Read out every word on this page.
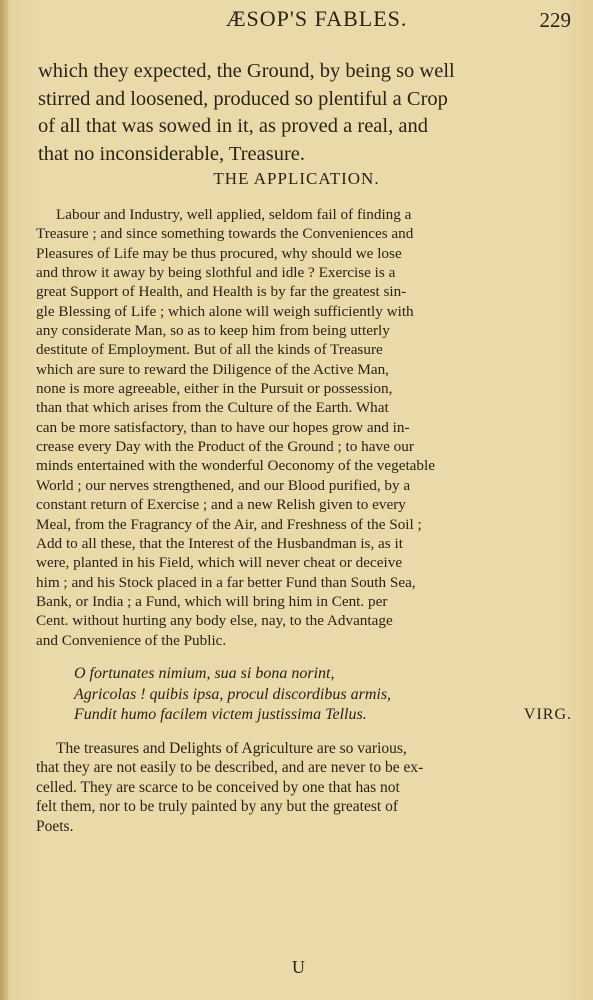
ÆSOP'S FABLES.	229
which they expected, the Ground, by being so well
stirred and loosened, produced so plentiful a Crop
of all that was sowed in it, as proved a real, and
that no inconsiderable, Treasure.
THE APPLICATION.
Labour and Industry, well applied, seldom fail of finding a
Treasure ; and since something towards the Conveniences and
Pleasures of Life may be thus procured, why should we lose
and throw it away by being slothful and idle ? Exercise is a
great Support of Health, and Health is by far the greatest sin-
gle Blessing of Life ; which alone will weigh sufficiently with
any considerate Man, so as to keep him from being utterly
destitute of Employment. But of all the kinds of Treasure
which are sure to reward the Diligence of the Active Man,
none is more agreeable, either in the Pursuit or possession,
than that which arises from the Culture of the Earth. What
can be more satisfactory, than to have our hopes grow and in-
crease every Day with the Product of the Ground ; to have our
minds entertained with the wonderful Oeconomy of the vegetable
World ; our nerves strengthened, and our Blood purified, by a
constant return of Exercise ; and a new Relish given to every
Meal, from the Fragrancy of the Air, and Freshness of the Soil ;
Add to all these, that the Interest of the Husbandman is, as it
were, planted in his Field, which will never cheat or deceive
him ; and his Stock placed in a far better Fund than South Sea,
Bank, or India ; a Fund, which will bring him in Cent. per
Cent. without hurting any body else, nay, to the Advantage
and Convenience of the Public.
O fortunates nimium, sua si bona norint,
Agricolas ! quibis ipsa, procul discordibus armis,
Fundit humo facilem victem justissima Tellus.	VIRG.
The treasures and Delights of Agriculture are so various,
that they are not easily to be described, and are never to be ex-
celled. They are scarce to be conceived by one that has not
felt them, nor to be truly painted by any but the greatest of
Poets.
U
